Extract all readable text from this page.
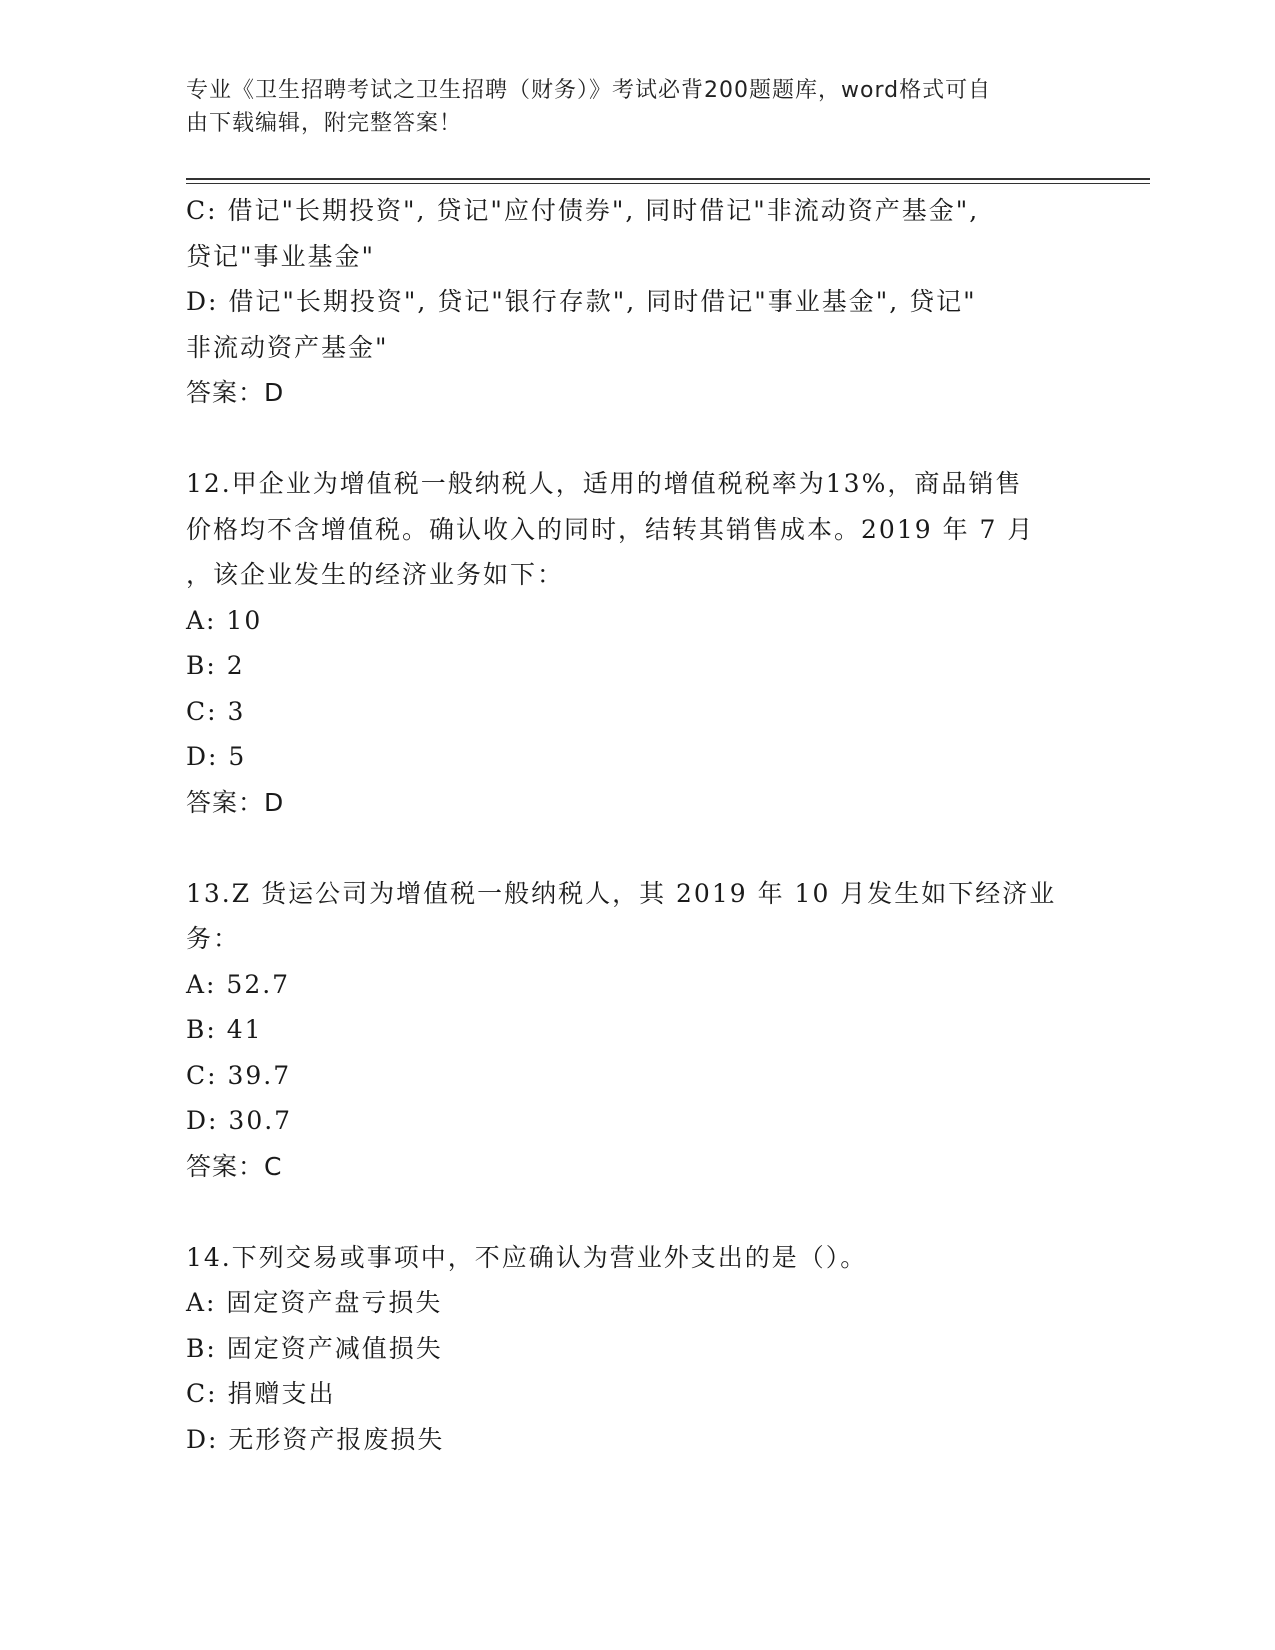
专业《卫生招聘考试之卫生招聘（财务）》考试必背200题题库，word格式可自
由下载编辑，附完整答案！

C: 借记"长期投资", 贷记"应付债券", 同时借记"非流动资产基金",

贷记"事业基金"

D: 借记"长期投资", 贷记"银行存款", 同时借记"事业基金", 贷记"

非流动资产基金"

答案：D

12.甲企业为增值税一般纳税人，适用的增值税税率为13%，商品销售

价格均不含增值税。确认收入的同时，结转其销售成本。2019 年 7 月

，该企业发生的经济业务如下：

A: 10

B: 2

C: 3

D: 5

答案：D

13.Z 货运公司为增值税一般纳税人，其 2019 年 10 月发生如下经济业

务：

A: 52.7

B: 41

C: 39.7

D: 30.7

答案：C

14.下列交易或事项中，不应确认为营业外支出的是（）。

A: 固定资产盘亏损失

B: 固定资产减值损失

C: 捐赠支出

D: 无形资产报废损失
